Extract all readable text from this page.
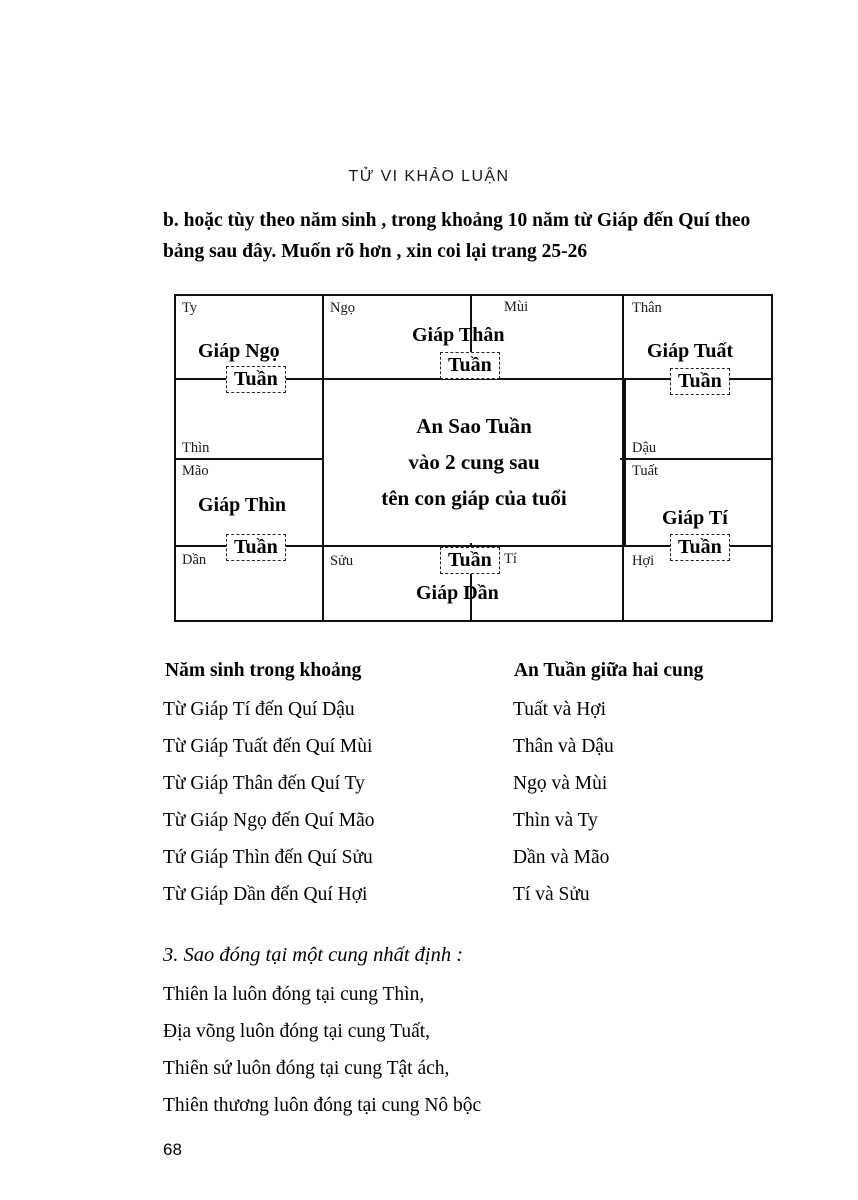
TỬ VI KHẢO LUẬN
b. hoặc tùy theo năm sinh , trong khoảng 10 năm từ Giáp đến Quí theo bảng sau đây. Muốn rõ hơn , xin coi lại trang 25-26
An Sao Tuần
vào 2 cung sau
tên con giáp của tuổi
Ty	Ngọ	Mùi	Thân
Thìn	Dậu
Mão	Tuất
Dần	Sửu	Tí	Hợi
Giáp Ngọ
Giáp Thân
Giáp Tuất
Giáp Thìn
Giáp Tí
Giáp Dần
Tuần
Tuần
Tuần
Tuần	Tuần
Tuần
Năm sinh trong khoảng	An Tuần giữa hai cung
Từ Giáp Tí đến Quí Dậu	Tuất và Hợi
Từ Giáp Tuất đến Quí Mùi	Thân và Dậu
Từ Giáp Thân đến Quí Ty	Ngọ và Mùi
Từ Giáp Ngọ đến Quí Mão	Thìn và Ty
Tứ Giáp Thìn đến Quí Sửu	Dần và Mão
Từ Giáp Dần đến Quí Hợi	Tí và Sửu
3. Sao đóng tại một cung nhất định :
Thiên la luôn đóng tại cung Thìn,
Địa võng luôn đóng tại cung Tuất,
Thiên sứ luôn đóng tại cung Tật ách,
Thiên thương luôn đóng tại cung Nô bộc
68
